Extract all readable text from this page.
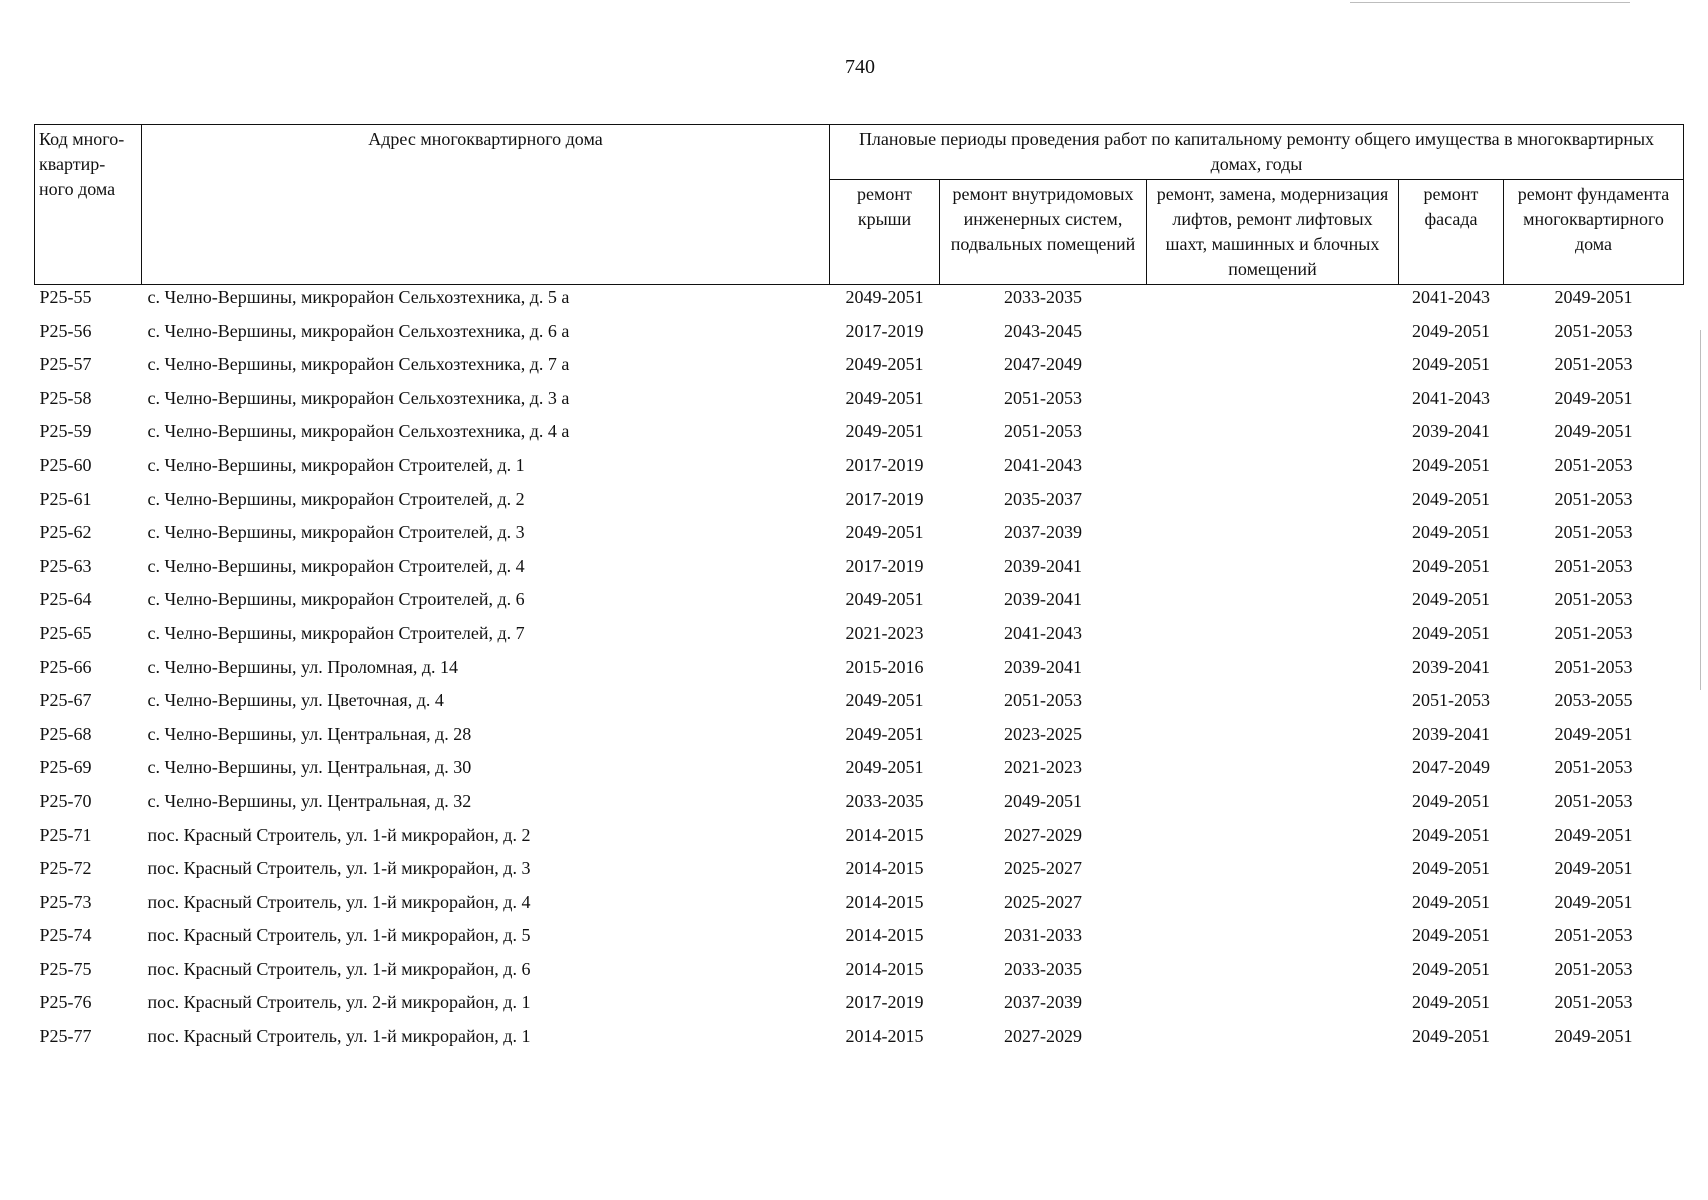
740
Код много-квартир-ного дома	Адрес многоквартирного дома	Плановые периоды проведения работ по капитальному ремонту общего имущества в многоквартирных домах, годы				
		ремонт крыши	ремонт внутридомовых инженерных систем, подвальных помещений	ремонт, замена, модернизация лифтов, ремонт лифтовых шахт, машинных и блочных помещений	ремонт фасада	ремонт фундамента многоквартирного дома
P25-55	с. Челно-Вершины, микрорайон Сельхозтехника, д. 5 а	2049-2051	2033-2035		2041-2043	2049-2051
P25-56	с. Челно-Вершины, микрорайон Сельхозтехника, д. 6 а	2017-2019	2043-2045		2049-2051	2051-2053
P25-57	с. Челно-Вершины, микрорайон Сельхозтехника, д. 7 а	2049-2051	2047-2049		2049-2051	2051-2053
P25-58	с. Челно-Вершины, микрорайон Сельхозтехника, д. 3 а	2049-2051	2051-2053		2041-2043	2049-2051
P25-59	с. Челно-Вершины, микрорайон Сельхозтехника, д. 4 а	2049-2051	2051-2053		2039-2041	2049-2051
P25-60	с. Челно-Вершины, микрорайон Строителей, д. 1	2017-2019	2041-2043		2049-2051	2051-2053
P25-61	с. Челно-Вершины, микрорайон Строителей, д. 2	2017-2019	2035-2037		2049-2051	2051-2053
P25-62	с. Челно-Вершины, микрорайон Строителей, д. 3	2049-2051	2037-2039		2049-2051	2051-2053
P25-63	с. Челно-Вершины, микрорайон Строителей, д. 4	2017-2019	2039-2041		2049-2051	2051-2053
P25-64	с. Челно-Вершины, микрорайон Строителей, д. 6	2049-2051	2039-2041		2049-2051	2051-2053
P25-65	с. Челно-Вершины, микрорайон Строителей, д. 7	2021-2023	2041-2043		2049-2051	2051-2053
P25-66	с. Челно-Вершины, ул. Проломная, д. 14	2015-2016	2039-2041		2039-2041	2051-2053
P25-67	с. Челно-Вершины, ул. Цветочная, д. 4	2049-2051	2051-2053		2051-2053	2053-2055
P25-68	с. Челно-Вершины, ул. Центральная, д. 28	2049-2051	2023-2025		2039-2041	2049-2051
P25-69	с. Челно-Вершины, ул. Центральная, д. 30	2049-2051	2021-2023		2047-2049	2051-2053
P25-70	с. Челно-Вершины, ул. Центральная, д. 32	2033-2035	2049-2051		2049-2051	2051-2053
P25-71	пос. Красный Строитель, ул. 1-й микрорайон, д. 2	2014-2015	2027-2029		2049-2051	2049-2051
P25-72	пос. Красный Строитель, ул. 1-й микрорайон, д. 3	2014-2015	2025-2027		2049-2051	2049-2051
P25-73	пос. Красный Строитель, ул. 1-й микрорайон, д. 4	2014-2015	2025-2027		2049-2051	2049-2051
P25-74	пос. Красный Строитель, ул. 1-й микрорайон, д. 5	2014-2015	2031-2033		2049-2051	2051-2053
P25-75	пос. Красный Строитель, ул. 1-й микрорайон, д. 6	2014-2015	2033-2035		2049-2051	2051-2053
P25-76	пос. Красный Строитель, ул. 2-й микрорайон, д. 1	2017-2019	2037-2039		2049-2051	2051-2053
P25-77	пос. Красный Строитель, ул. 1-й микрорайон, д. 1	2014-2015	2027-2029		2049-2051	2049-2051
